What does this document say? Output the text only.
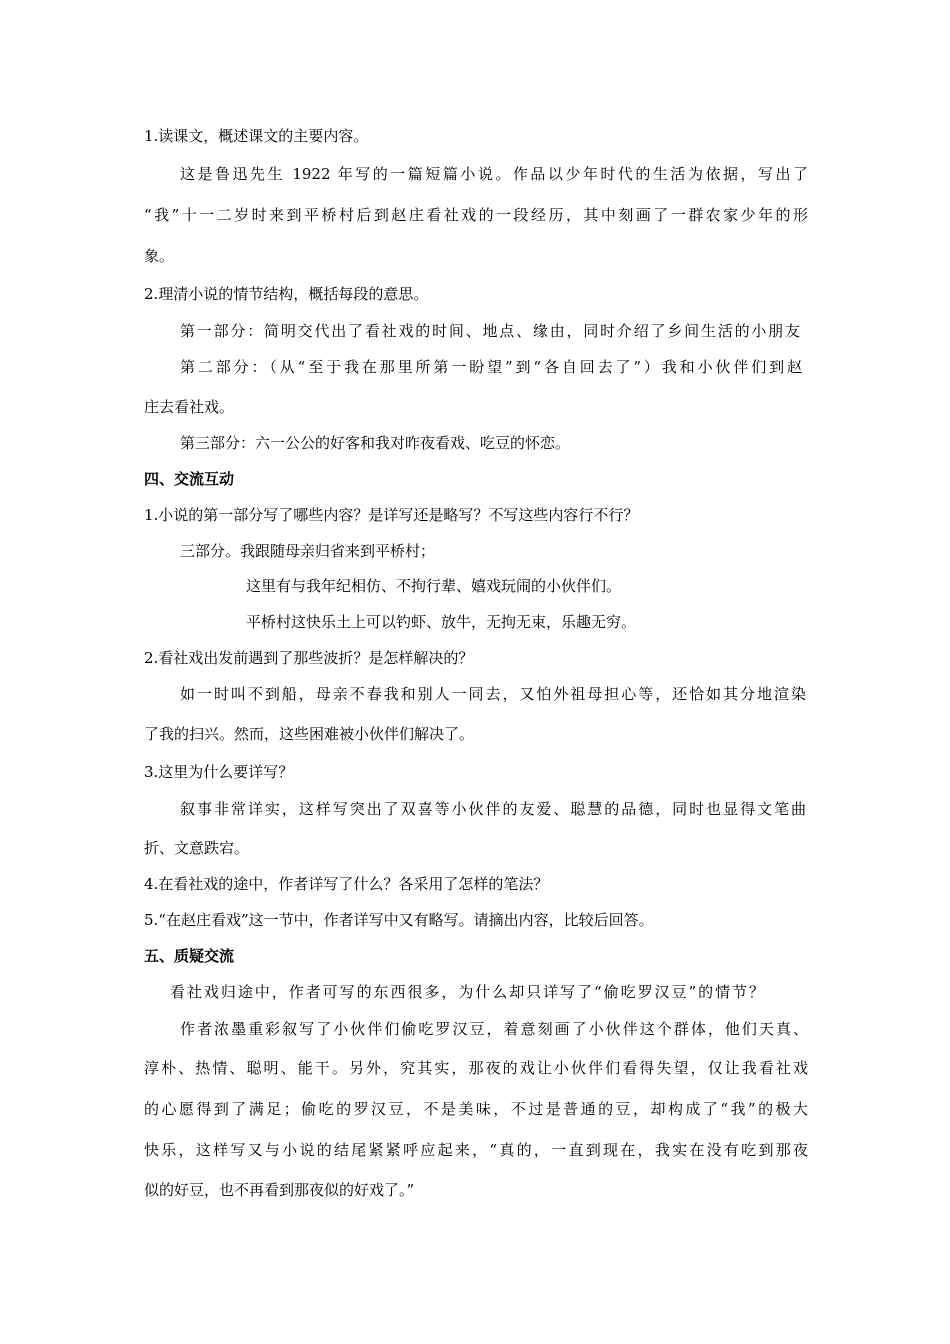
1.读课文，概述课文的主要内容。
这是鲁迅先生 1922 年写的一篇短篇小说。作品以少年时代的生活为依据，写出了
“我”十一二岁时来到平桥村后到赵庄看社戏的一段经历，其中刻画了一群农家少年的形
象。
2.理清小说的情节结构，概括每段的意思。
第一部分：简明交代出了看社戏的时间、地点、缘由，同时介绍了乡间生活的小朋友
第二部分：（从“至于我在那里所第一盼望”到“各自回去了”）我和小伙伴们到赵
庄去看社戏。
第三部分：六一公公的好客和我对昨夜看戏、吃豆的怀恋。
四、交流互动
1.小说的第一部分写了哪些内容？是详写还是略写？不写这些内容行不行？
三部分。我跟随母亲归省来到平桥村；
这里有与我年纪相仿、不拘行辈、嬉戏玩闹的小伙伴们。
平桥村这快乐土上可以钓虾、放牛，无拘无束，乐趣无穷。
2.看社戏出发前遇到了那些波折？是怎样解决的？
如一时叫不到船，母亲不春我和别人一同去，又怕外祖母担心等，还恰如其分地渲染
了我的扫兴。然而，这些困难被小伙伴们解决了。
3.这里为什么要详写？
叙事非常详实，这样写突出了双喜等小伙伴的友爱、聪慧的品德，同时也显得文笔曲
折、文意跌宕。
4.在看社戏的途中，作者详写了什么？各采用了怎样的笔法？
5.“在赵庄看戏”这一节中，作者详写中又有略写。请摘出内容，比较后回答。
五、质疑交流
看社戏归途中，作者可写的东西很多，为什么却只详写了“偷吃罗汉豆”的情节？
作者浓墨重彩叙写了小伙伴们偷吃罗汉豆，着意刻画了小伙伴这个群体，他们天真、
淳朴、热情、聪明、能干。另外，究其实，那夜的戏让小伙伴们看得失望，仅让我看社戏
的心愿得到了满足；偷吃的罗汉豆，不是美味，不过是普通的豆，却构成了“我”的极大
快乐，这样写又与小说的结尾紧紧呼应起来，“真的，一直到现在，我实在没有吃到那夜
似的好豆，也不再看到那夜似的好戏了。”
